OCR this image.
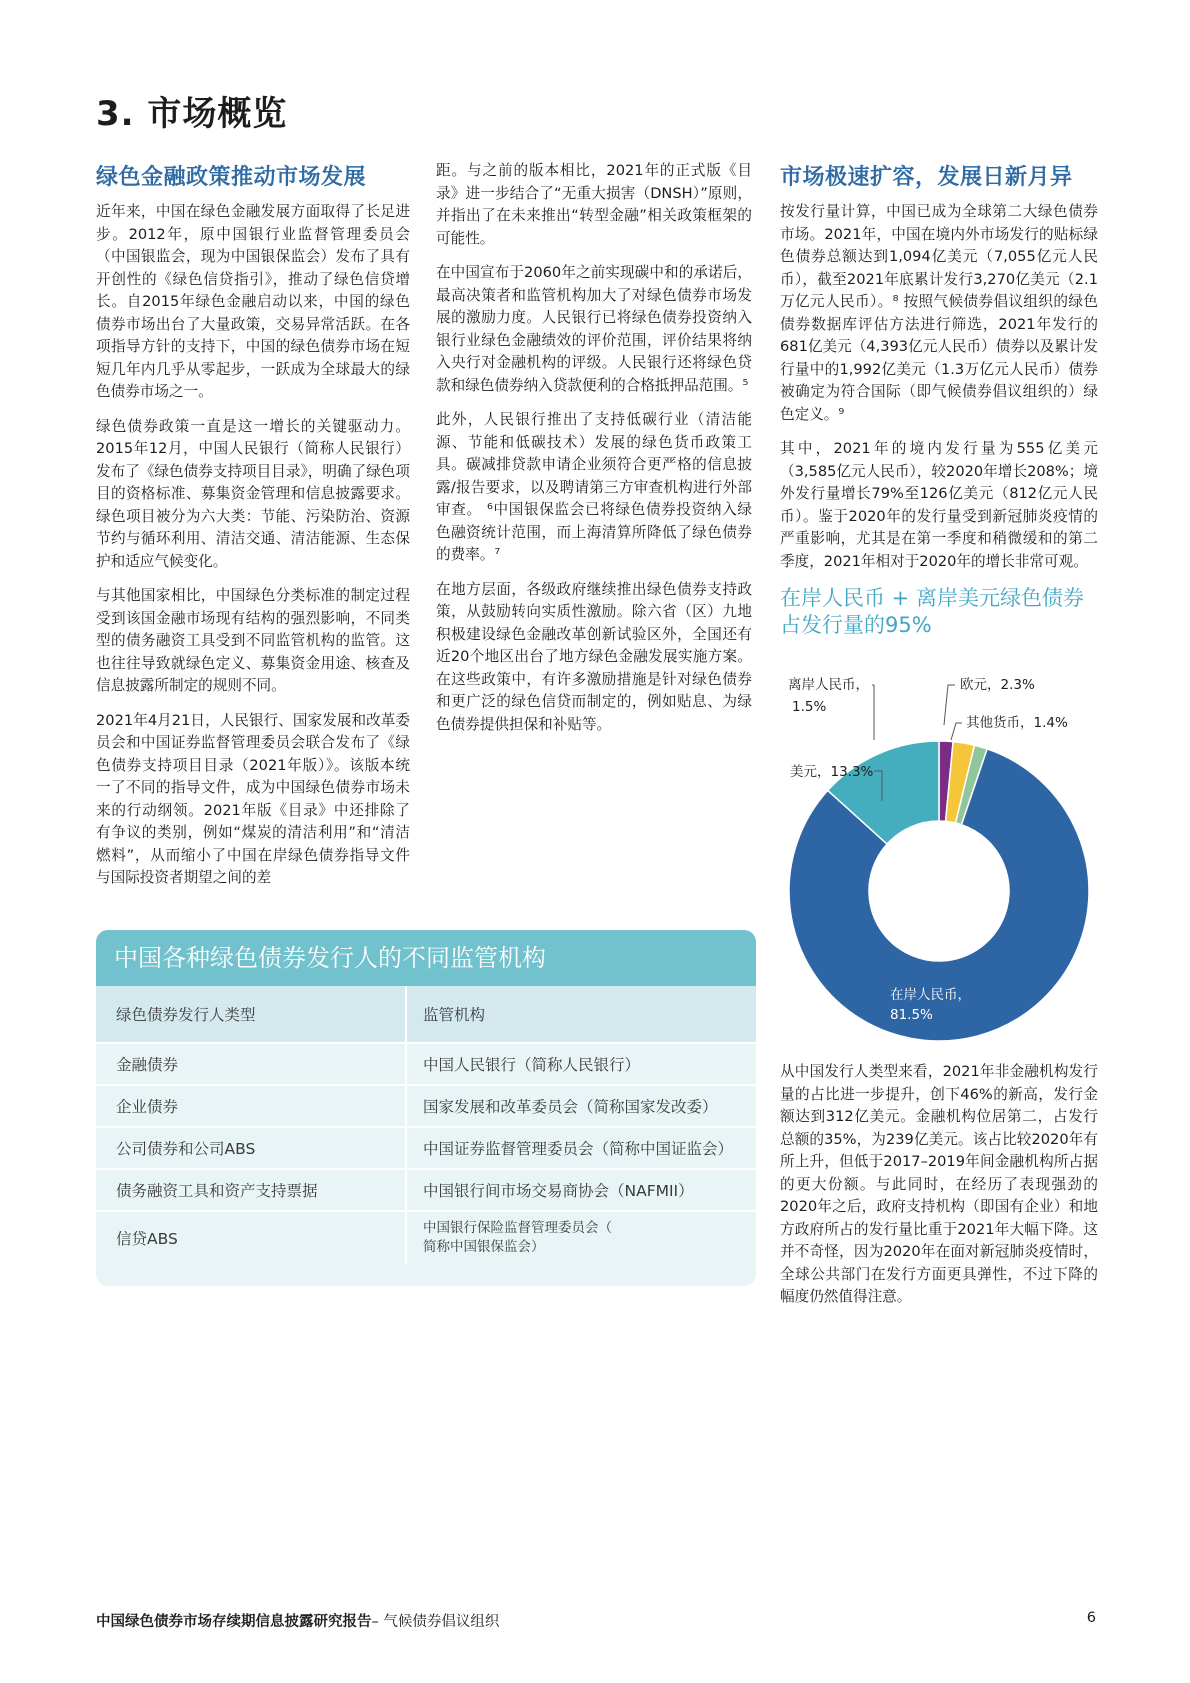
3. 市场概览
绿色金融政策推动市场发展

近年来，中国在绿色金融发展方面取得了长足进步。2012年，原中国银行业监督管理委员会（中国银监会，现为中国银保监会）发布了具有开创性的《绿色信贷指引》，推动了绿色信贷增长。自2015年绿色金融启动以来，中国的绿色债券市场出台了大量政策，交易异常活跃。在各项指导方针的支持下，中国的绿色债券市场在短短几年内几乎从零起步，一跃成为全球最大的绿色债券市场之一。

绿色债券政策一直是这一增长的关键驱动力。2015年12月，中国人民银行（简称人民银行）发布了《绿色债券支持项目目录》，明确了绿色项目的资格标准、募集资金管理和信息披露要求。绿色项目被分为六大类：节能、污染防治、资源节约与循环利用、清洁交通、清洁能源、生态保护和适应气候变化。

与其他国家相比，中国绿色分类标准的制定过程受到该国金融市场现有结构的强烈影响，不同类型的债务融资工具受到不同监管机构的监管。这也往往导致就绿色定义、募集资金用途、核查及信息披露所制定的规则不同。

2021年4月21日，人民银行、国家发展和改革委员会和中国证券监督管理委员会联合发布了《绿色债券支持项目目录（2021年版）》。该版本统一了不同的指导文件，成为中国绿色债券市场未来的行动纲领。2021年版《目录》中还排除了有争议的类别，例如“煤炭的清洁利用”和“清洁燃料”，从而缩小了中国在岸绿色债券指导文件与国际投资者期望之间的差

距。与之前的版本相比，2021年的正式版《目录》进一步结合了“无重大损害（DNSH）”原则，并指出了在未来推出“转型金融”相关政策框架的可能性。

在中国宣布于2060年之前实现碳中和的承诺后，最高决策者和监管机构加大了对绿色债券市场发展的激励力度。人民银行已将绿色债券投资纳入银行业绿色金融绩效的评价范围，评价结果将纳入央行对金融机构的评级。人民银行还将绿色贷款和绿色债券纳入贷款便利的合格抵押品范围。⁵

此外，人民银行推出了支持低碳行业（清洁能源、节能和低碳技术）发展的绿色货币政策工具。碳减排贷款申请企业须符合更严格的信息披露/报告要求，以及聘请第三方审查机构进行外部审查。 ⁶中国银保监会已将绿色债券投资纳入绿色融资统计范围，而上海清算所降低了绿色债券的费率。⁷

在地方层面，各级政府继续推出绿色债券支持政策，从鼓励转向实质性激励。除六省（区）九地积极建设绿色金融改革创新试验区外，全国还有近20个地区出台了地方绿色金融发展实施方案。在这些政策中，有许多激励措施是针对绿色债券和更广泛的绿色信贷而制定的，例如贴息、为绿色债券提供担保和补贴等。

市场极速扩容，发展日新月异

按发行量计算，中国已成为全球第二大绿色债券市场。2021年，中国在境内外市场发行的贴标绿色债券总额达到1,094亿美元（7,055亿元人民币），截至2021年底累计发行3,270亿美元（2.1万亿元人民币）。⁸ 按照气候债券倡议组织的绿色债券数据库评估方法进行筛选，2021年发行的681亿美元（4,393亿元人民币）债券以及累计发行量中的1,992亿美元（1.3万亿元人民币）债券被确定为符合国际（即气候债券倡议组织的）绿色定义。⁹

其中，2021年的境内发行量为555亿美元（3,585亿元人民币），较2020年增长208%；境外发行量增长79%至126亿美元（812亿元人民币）。鉴于2020年的发行量受到新冠肺炎疫情的严重影响，尤其是在第一季度和稍微缓和的第二季度，2021年相对于2020年的增长非常可观。

在岸人民币 + 离岸美元绿色债券占发行量的95%
离岸人民币，
1.5%
欧元，2.3%
其他货币，1.4%
美元，13.3%
在岸人民币，
81.5%

从中国发行人类型来看，2021年非金融机构发行量的占比进一步提升，创下46%的新高，发行金额达到312亿美元。金融机构位居第二，占发行总额的35%，为239亿美元。该占比较2020年有所上升，但低于2017–2019年间金融机构所占据的更大份额。与此同时，在经历了表现强劲的2020年之后，政府支持机构（即国有企业）和地方政府所占的发行量比重于2021年大幅下降。这并不奇怪，因为2020年在面对新冠肺炎疫情时，全球公共部门在发行方面更具弹性，不过下降的幅度仍然值得注意。

中国各种绿色债券发行人的不同监管机构
绿色债券发行人类型	监管机构
金融债券	中国人民银行（简称人民银行）
企业债券	国家发展和改革委员会（简称国家发改委）
公司债券和公司ABS	中国证券监督管理委员会（简称中国证监会）
债务融资工具和资产支持票据	中国银行间市场交易商协会（NAFMII）
信贷ABS	中国银行保险监督管理委员会（
简称中国银保监会）
中国绿色债券市场存续期信息披露研究报告– 气候债券倡议组织	6
